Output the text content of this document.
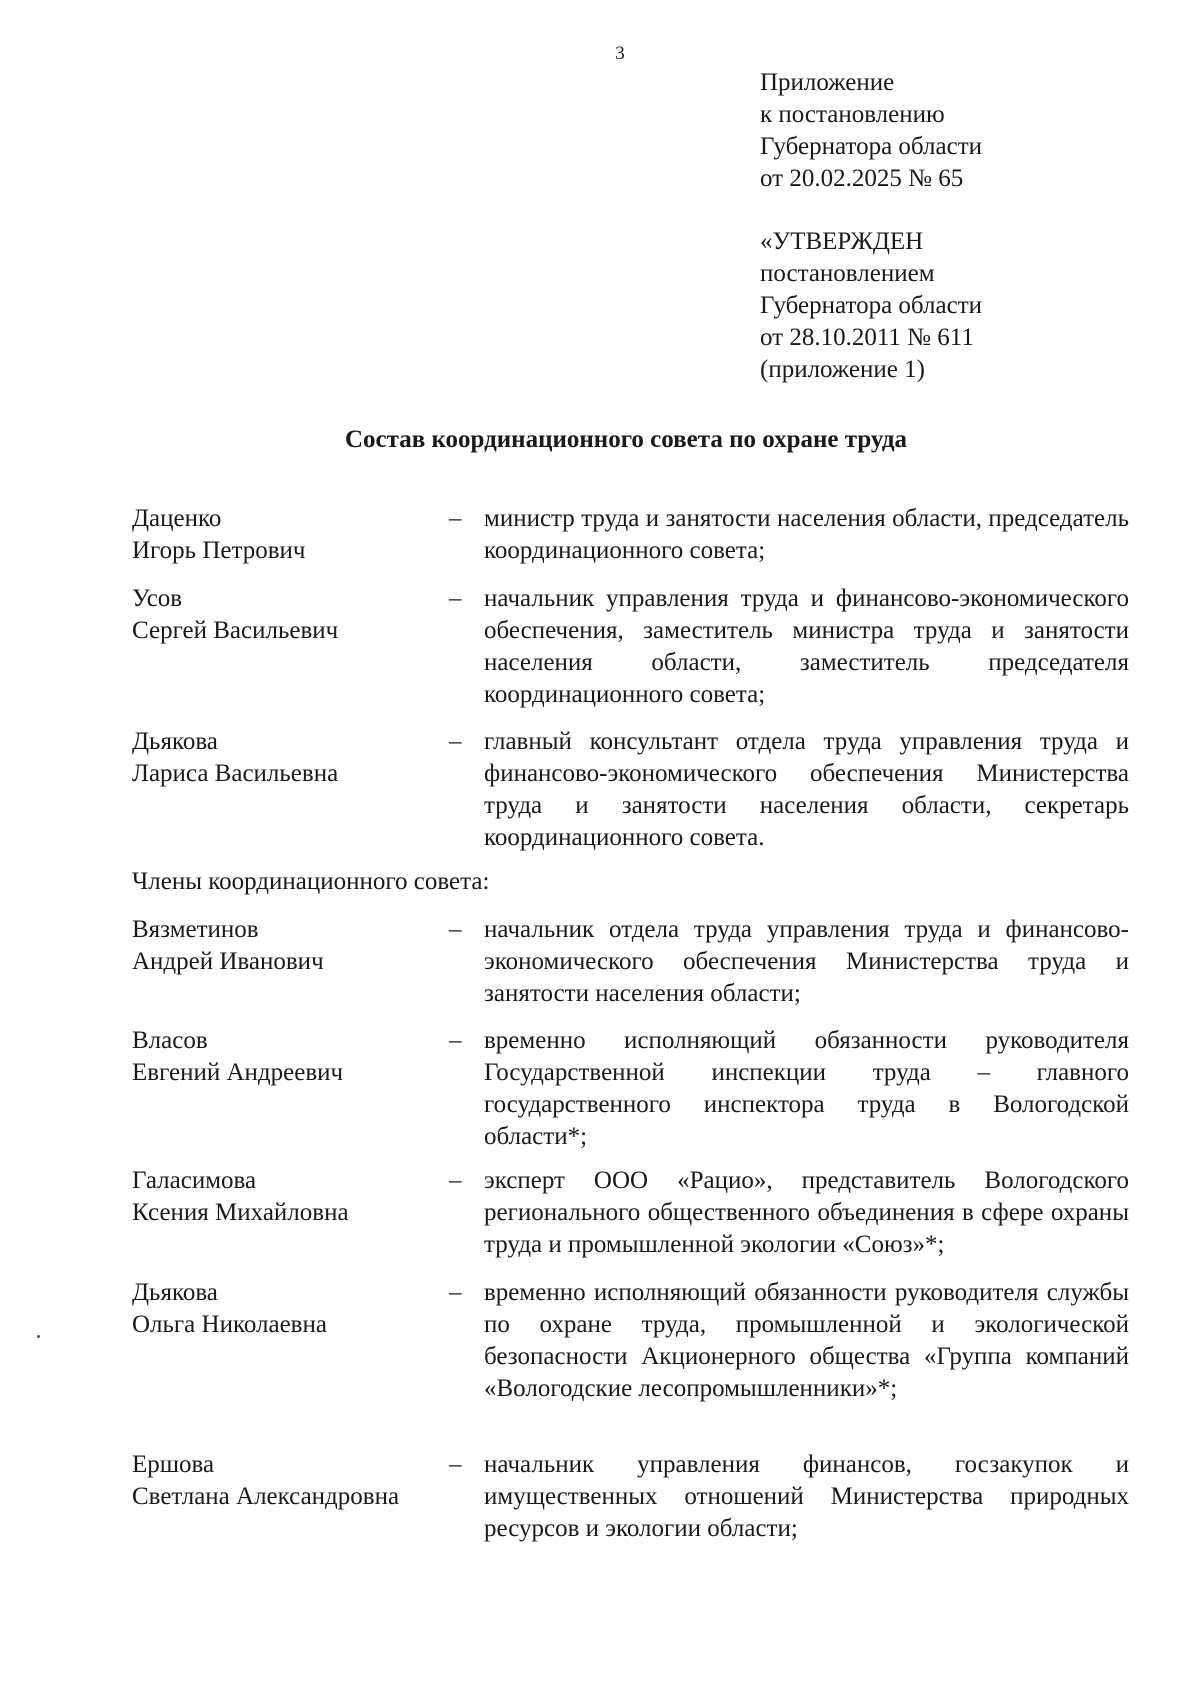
3
Приложение
к постановлению
Губернатора области
от 20.02.2025 № 65
«УТВЕРЖДЕН
постановлением
Губернатора области
от 28.10.2011 № 611
(приложение 1)
Состав координационного совета по охране труда
Даценко
Игорь Петрович
– министр труда и занятости населения области, председатель координационного совета;
Усов
Сергей Васильевич
– начальник управления труда и финансово-экономического обеспечения, заместитель министра труда и занятости населения области, заместитель председателя координационного совета;
Дьякова
Лариса Васильевна
– главный консультант отдела труда управления труда и финансово-экономического обеспечения Министерства труда и занятости населения области, секретарь координационного совета.
Члены координационного совета:
Вязметинов
Андрей Иванович
– начальник отдела труда управления труда и финансово-экономического обеспечения Министерства труда и занятости населения области;
Власов
Евгений Андреевич
– временно исполняющий обязанности руководителя Государственной инспекции труда – главного государственного инспектора труда в Вологодской области*;
Галасимова
Ксения Михайловна
– эксперт ООО «Рацио», представитель Вологодского регионального общественного объединения в сфере охраны труда и промышленной экологии «Союз»*;
Дьякова
Ольга Николаевна
– временно исполняющий обязанности руководителя службы по охране труда, промышленной и экологической безопасности Акционерного общества «Группа компаний «Вологодские лесопромышленники»*;
Ершова
Светлана Александровна
– начальник управления финансов, госзакупок и имущественных отношений Министерства природных ресурсов и экологии области;
